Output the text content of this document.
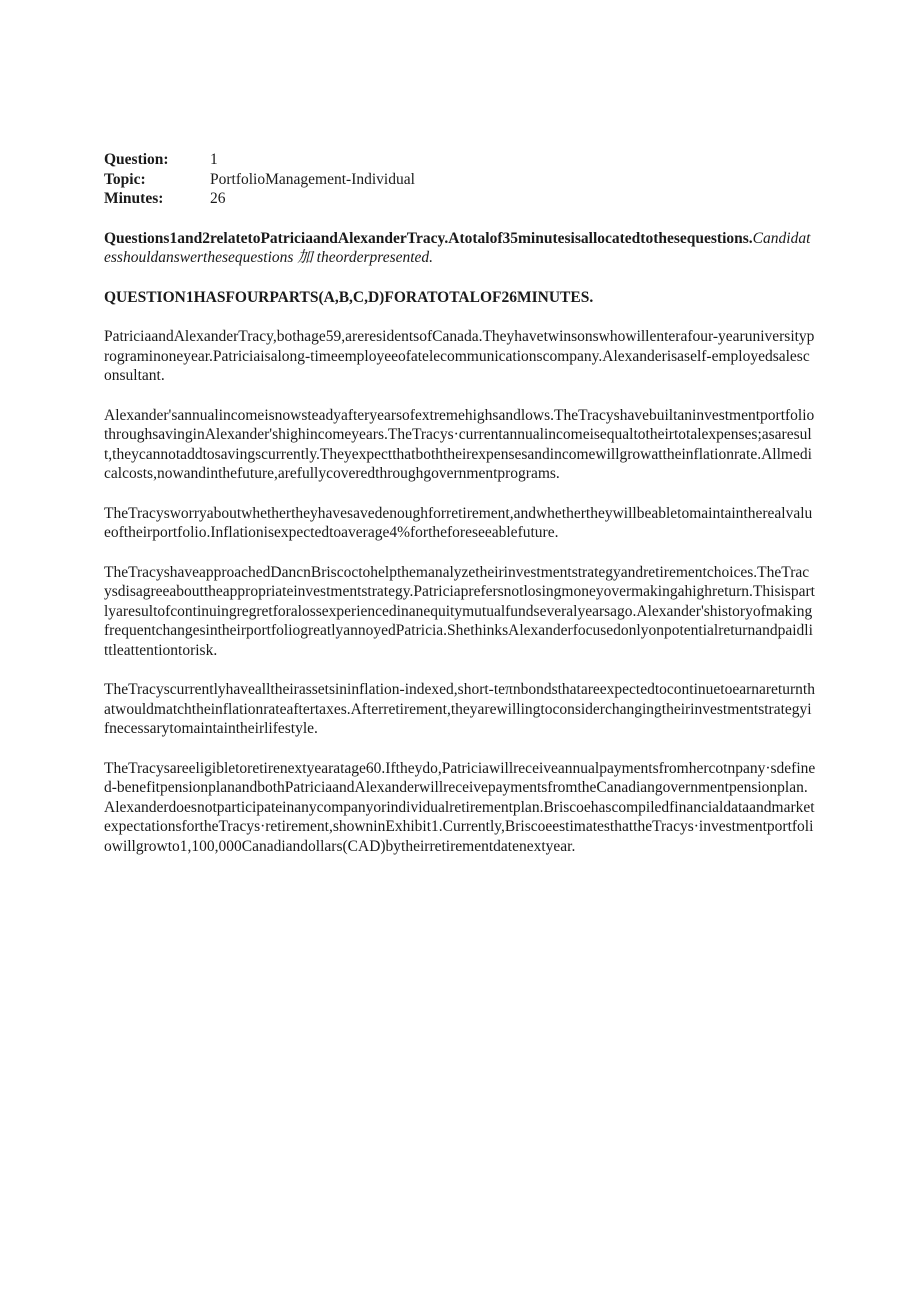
Question:	1
Topic:	PortfolioManagement-Individual
Minutes:	26

Questions1and2relatetoPatriciaandAlexanderTracy.Atotalof35minutesisallocatedtothesequestions.Candidatesshouldanswerthesequestions 加 theorderpresented.

QUESTION1HASFOURPARTS(A,B,C,D)FORATOTALOF26MINUTES.

PatriciaandAlexanderTracy,bothage59,areresidentsofCanada.Theyhavetwinsonswhowillenterafour-yearuniversityprograminoneyear.Patriciaisalong-timeemployeeofatelecommunicationscompany.Alexanderisaself-employedsalesconsultant.

Alexander'sannualincomeisnowsteadyafteryearsofextremehighsandlows.TheTracyshavebuiltaninvestmentportfoliothroughsavinginAlexander'shighincomeyears.TheTracys·currentannualincomeisequaltotheirtotalexpenses;asaresult,theycannotaddtosavingscurrently.Theyexpectthatboththeirexpensesandincomewillgrowattheinflationrate.Allmedicalcosts,nowandinthefuture,arefullycoveredthroughgovernmentprograms.

TheTracysworryaboutwhethertheyhavesavedenoughforretirement,andwhethertheywillbeabletomaintaintherealvalueoftheirportfolio.Inflationisexpectedtoaverage4%fortheforeseeablefuture.

TheTracyshaveapproachedDancnBriscoctohelpthemanalyzetheirinvestmentstrategyandretirementchoices.TheTracysdisagreeabouttheappropriateinvestmentstrategy.Patriciaprefersnotlosingmoneyovermakingahighreturn.Thisispartlyaresultofcontinuingregretforalossexperiencedinanequitymutualfundseveralyearsago.Alexander'shistoryofmakingfrequentchangesintheirportfoliogreatlyannoyedPatricia.ShethinksAlexanderfocusedonlyonpotentialreturnandpaidlittleattentiontorisk.

TheTracyscurrentlyhavealltheirassetsininflation-indexed,short-teπnbondsthatareexpectedtocontinuetoearnareturnthatwouldmatchtheinflationrateaftertaxes.Afterretirement,theyarewillingtoconsiderchangingtheirinvestmentstrategyifnecessarytomaintaintheirlifestyle.

TheTracysareeligibletoretirenextyearatage60.Iftheydo,Patriciawillreceiveannualpaymentsfromhercotnpany·sdefined-benefitpensionplanandbothPatriciaandAlexanderwillreceivepaymentsfromtheCanadiangovernmentpensionplan.Alexanderdoesnotparticipateinanycompanyorindividualretirementplan.BriscoehascompiledfinancialdataandmarketexpectationsfortheTracys·retirement,showninExhibit1.Currently,BriscoeestimatesthattheTracys·investmentportfoliowillgrowto1,100,000Canadiandollars(CAD)bytheirretirementdatenextyear.
